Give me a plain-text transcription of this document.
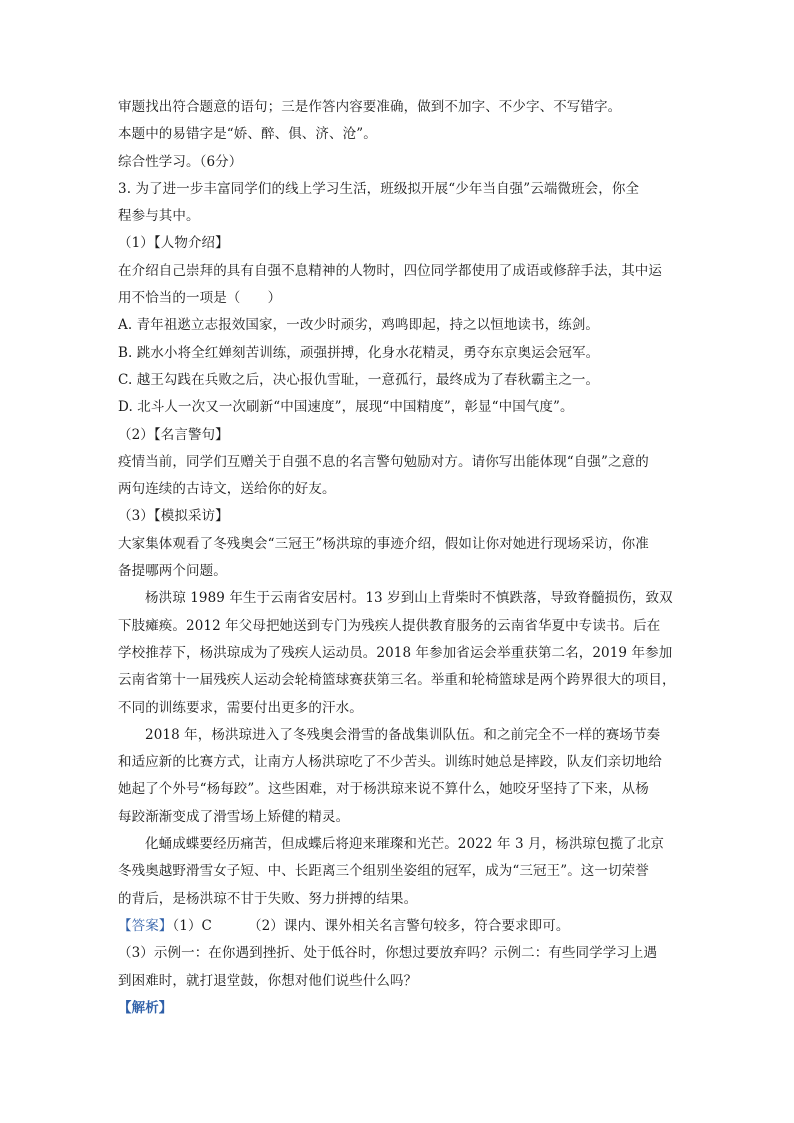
审题找出符合题意的语句；三是作答内容要准确，做到不加字、不少字、不写错字。
本题中的易错字是“娇、醉、俱、济、沧”。
综合性学习。（6分）
3. 为了进一步丰富同学们的线上学习生活，班级拟开展“少年当自强”云端微班会，你全
程参与其中。
（1）【人物介绍】
在介绍自己崇拜的具有自强不息精神的人物时，四位同学都使用了成语或修辞手法，其中运
用不恰当的一项是（　　）
A. 青年祖逖立志报效国家，一改少时顽劣，鸡鸣即起，持之以恒地读书，练剑。
B. 跳水小将全红婵刻苦训练，顽强拼搏，化身水花精灵，勇夺东京奥运会冠军。
C. 越王勾践在兵败之后，决心报仇雪耻，一意孤行，最终成为了春秋霸主之一。
D. 北斗人一次又一次刷新“中国速度”，展现“中国精度”，彰显“中国气度”。
（2）【名言警句】
疫情当前，同学们互赠关于自强不息的名言警句勉励对方。请你写出能体现“自强”之意的
两句连续的古诗文，送给你的好友。
（3）【模拟采访】
大家集体观看了冬残奥会“三冠王”杨洪琼的事迹介绍，假如让你对她进行现场采访，你准
备提哪两个问题。
杨洪琼 1989 年生于云南省安居村。13 岁到山上背柴时不慎跌落，导致脊髓损伤，致双
下肢瘫痪。2012 年父母把她送到专门为残疾人提供教育服务的云南省华夏中专读书。后在
学校推荐下，杨洪琼成为了残疾人运动员。2018 年参加省运会举重获第二名，2019 年参加
云南省第十一届残疾人运动会轮椅篮球赛获第三名。举重和轮椅篮球是两个跨界很大的项目，
不同的训练要求，需要付出更多的汗水。
2018 年，杨洪琼进入了冬残奥会滑雪的备战集训队伍。和之前完全不一样的赛场节奏
和适应新的比赛方式，让南方人杨洪琼吃了不少苦头。训练时她总是摔跤，队友们亲切地给
她起了个外号“杨每跤”。这些困难，对于杨洪琼来说不算什么，她咬牙坚持了下来，从杨
每跤渐渐变成了滑雪场上矫健的精灵。
化蛹成蝶要经历痛苦，但成蝶后将迎来璀璨和光芒。2022 年 3 月，杨洪琼包揽了北京
冬残奥越野滑雪女子短、中、长距离三个组别坐姿组的冠军，成为“三冠王”。这一切荣誉
的背后，是杨洪琼不甘于失败、努力拼搏的结果。
【答案】（1）C	（2）课内、课外相关名言警句较多，符合要求即可。
（3）示例一：在你遇到挫折、处于低谷时，你想过要放弃吗？示例二：有些同学学习上遇
到困难时，就打退堂鼓，你想对他们说些什么吗？
【解析】
